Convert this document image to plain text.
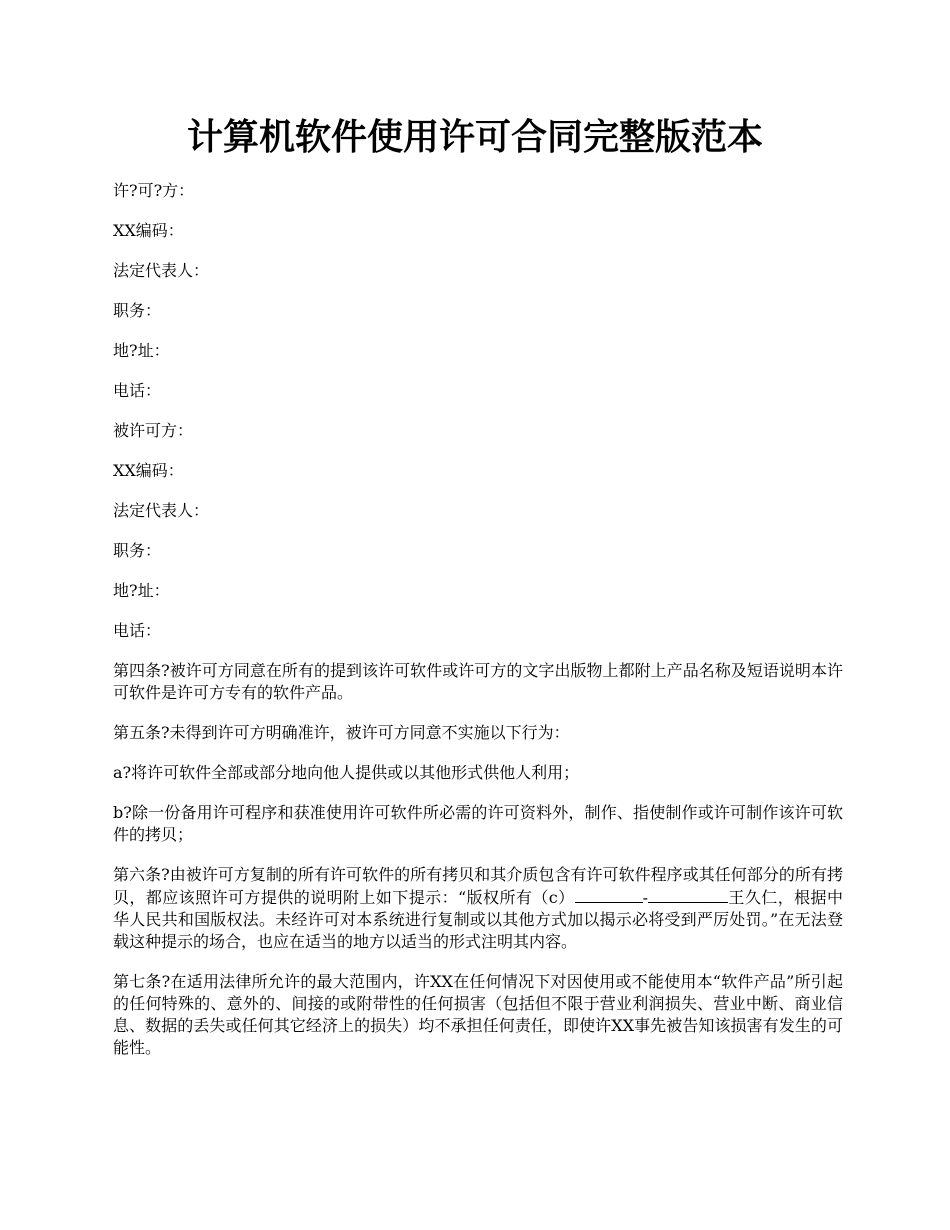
计算机软件使用许可合同完整版范本

许?可?方：

XX编码：

法定代表人：

职务：

地?址：

电话：

被许可方：

XX编码：

法定代表人：

职务：

地?址：

电话：

第四条?被许可方同意在所有的提到该许可软件或许可方的文字出版物上都附上产品名称及短语说明本许可软件是许可方专有的软件产品。

第五条?未得到许可方明确准许，被许可方同意不实施以下行为：

a?将许可软件全部或部分地向他人提供或以其他形式供他人利用；

b?除一份备用许可程序和获准使用许可软件所必需的许可资料外，制作、指使制作或许可制作该许可软件的拷贝；

第六条?由被许可方复制的所有许可软件的所有拷贝和其介质包含有许可软件程序或其任何部分的所有拷贝，都应该照许可方提供的说明附上如下提示：“版权所有（c）	-	王久仁，根据中华人民共和国版权法。未经许可对本系统进行复制或以其他方式加以揭示必将受到严厉处罚。”在无法登载这种提示的场合，也应在适当的地方以适当的形式注明其内容。

第七条?在适用法律所允许的最大范围内，许XX在任何情况下对因使用或不能使用本“软件产品”所引起的任何特殊的、意外的、间接的或附带性的任何损害（包括但不限于营业利润损失、营业中断、商业信息、数据的丢失或任何其它经济上的损失）均不承担任何责任，即使许XX事先被告知该损害有发生的可能性。
